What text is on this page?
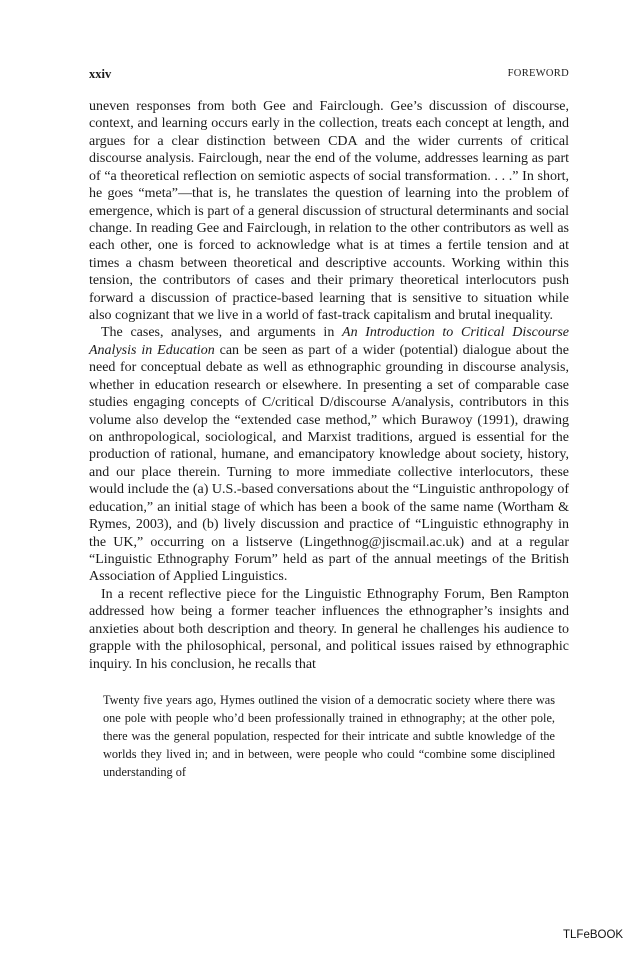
xxiv	FOREWORD

uneven responses from both Gee and Fairclough. Gee’s discussion of discourse, context, and learning occurs early in the collection, treats each concept at length, and argues for a clear distinction between CDA and the wider currents of critical discourse analysis. Fairclough, near the end of the volume, addresses learning as part of “a theoretical reflection on semiotic aspects of social transformation. . . .” In short, he goes “meta”—that is, he translates the question of learning into the problem of emergence, which is part of a general discussion of structural determinants and social change. In reading Gee and Fairclough, in relation to the other contributors as well as each other, one is forced to acknowledge what is at times a fertile tension and at times a chasm between theoretical and descriptive accounts. Working within this tension, the contributors of cases and their primary theoretical interlocutors push forward a discussion of practice-based learning that is sensitive to situation while also cognizant that we live in a world of fast-track capitalism and brutal inequality.

The cases, analyses, and arguments in An Introduction to Critical Discourse Analysis in Education can be seen as part of a wider (potential) dialogue about the need for conceptual debate as well as ethnographic grounding in discourse analysis, whether in education research or elsewhere. In presenting a set of comparable case studies engaging concepts of C/critical D/discourse A/analysis, contributors in this volume also develop the “extended case method,” which Burawoy (1991), drawing on anthropological, sociological, and Marxist traditions, argued is essential for the production of rational, humane, and emancipatory knowledge about society, history, and our place therein. Turning to more immediate collective interlocutors, these would include the (a) U.S.-based conversations about the “Linguistic anthropology of education,” an initial stage of which has been a book of the same name (Wortham & Rymes, 2003), and (b) lively discussion and practice of “Linguistic ethnography in the UK,” occurring on a listserve (Lingethnog@jiscmail.ac.uk) and at a regular “Linguistic Ethnography Forum” held as part of the annual meetings of the British Association of Applied Linguistics.

In a recent reflective piece for the Linguistic Ethnography Forum, Ben Rampton addressed how being a former teacher influences the ethnographer’s insights and anxieties about both description and theory. In general he challenges his audience to grapple with the philosophical, personal, and political issues raised by ethnographic inquiry. In his conclusion, he recalls that

Twenty five years ago, Hymes outlined the vision of a democratic society where there was one pole with people who’d been professionally trained in ethnography; at the other pole, there was the general population, respected for their intricate and subtle knowledge of the worlds they lived in; and in between, were people who could “combine some disciplined understanding of

TLFeBOOK
